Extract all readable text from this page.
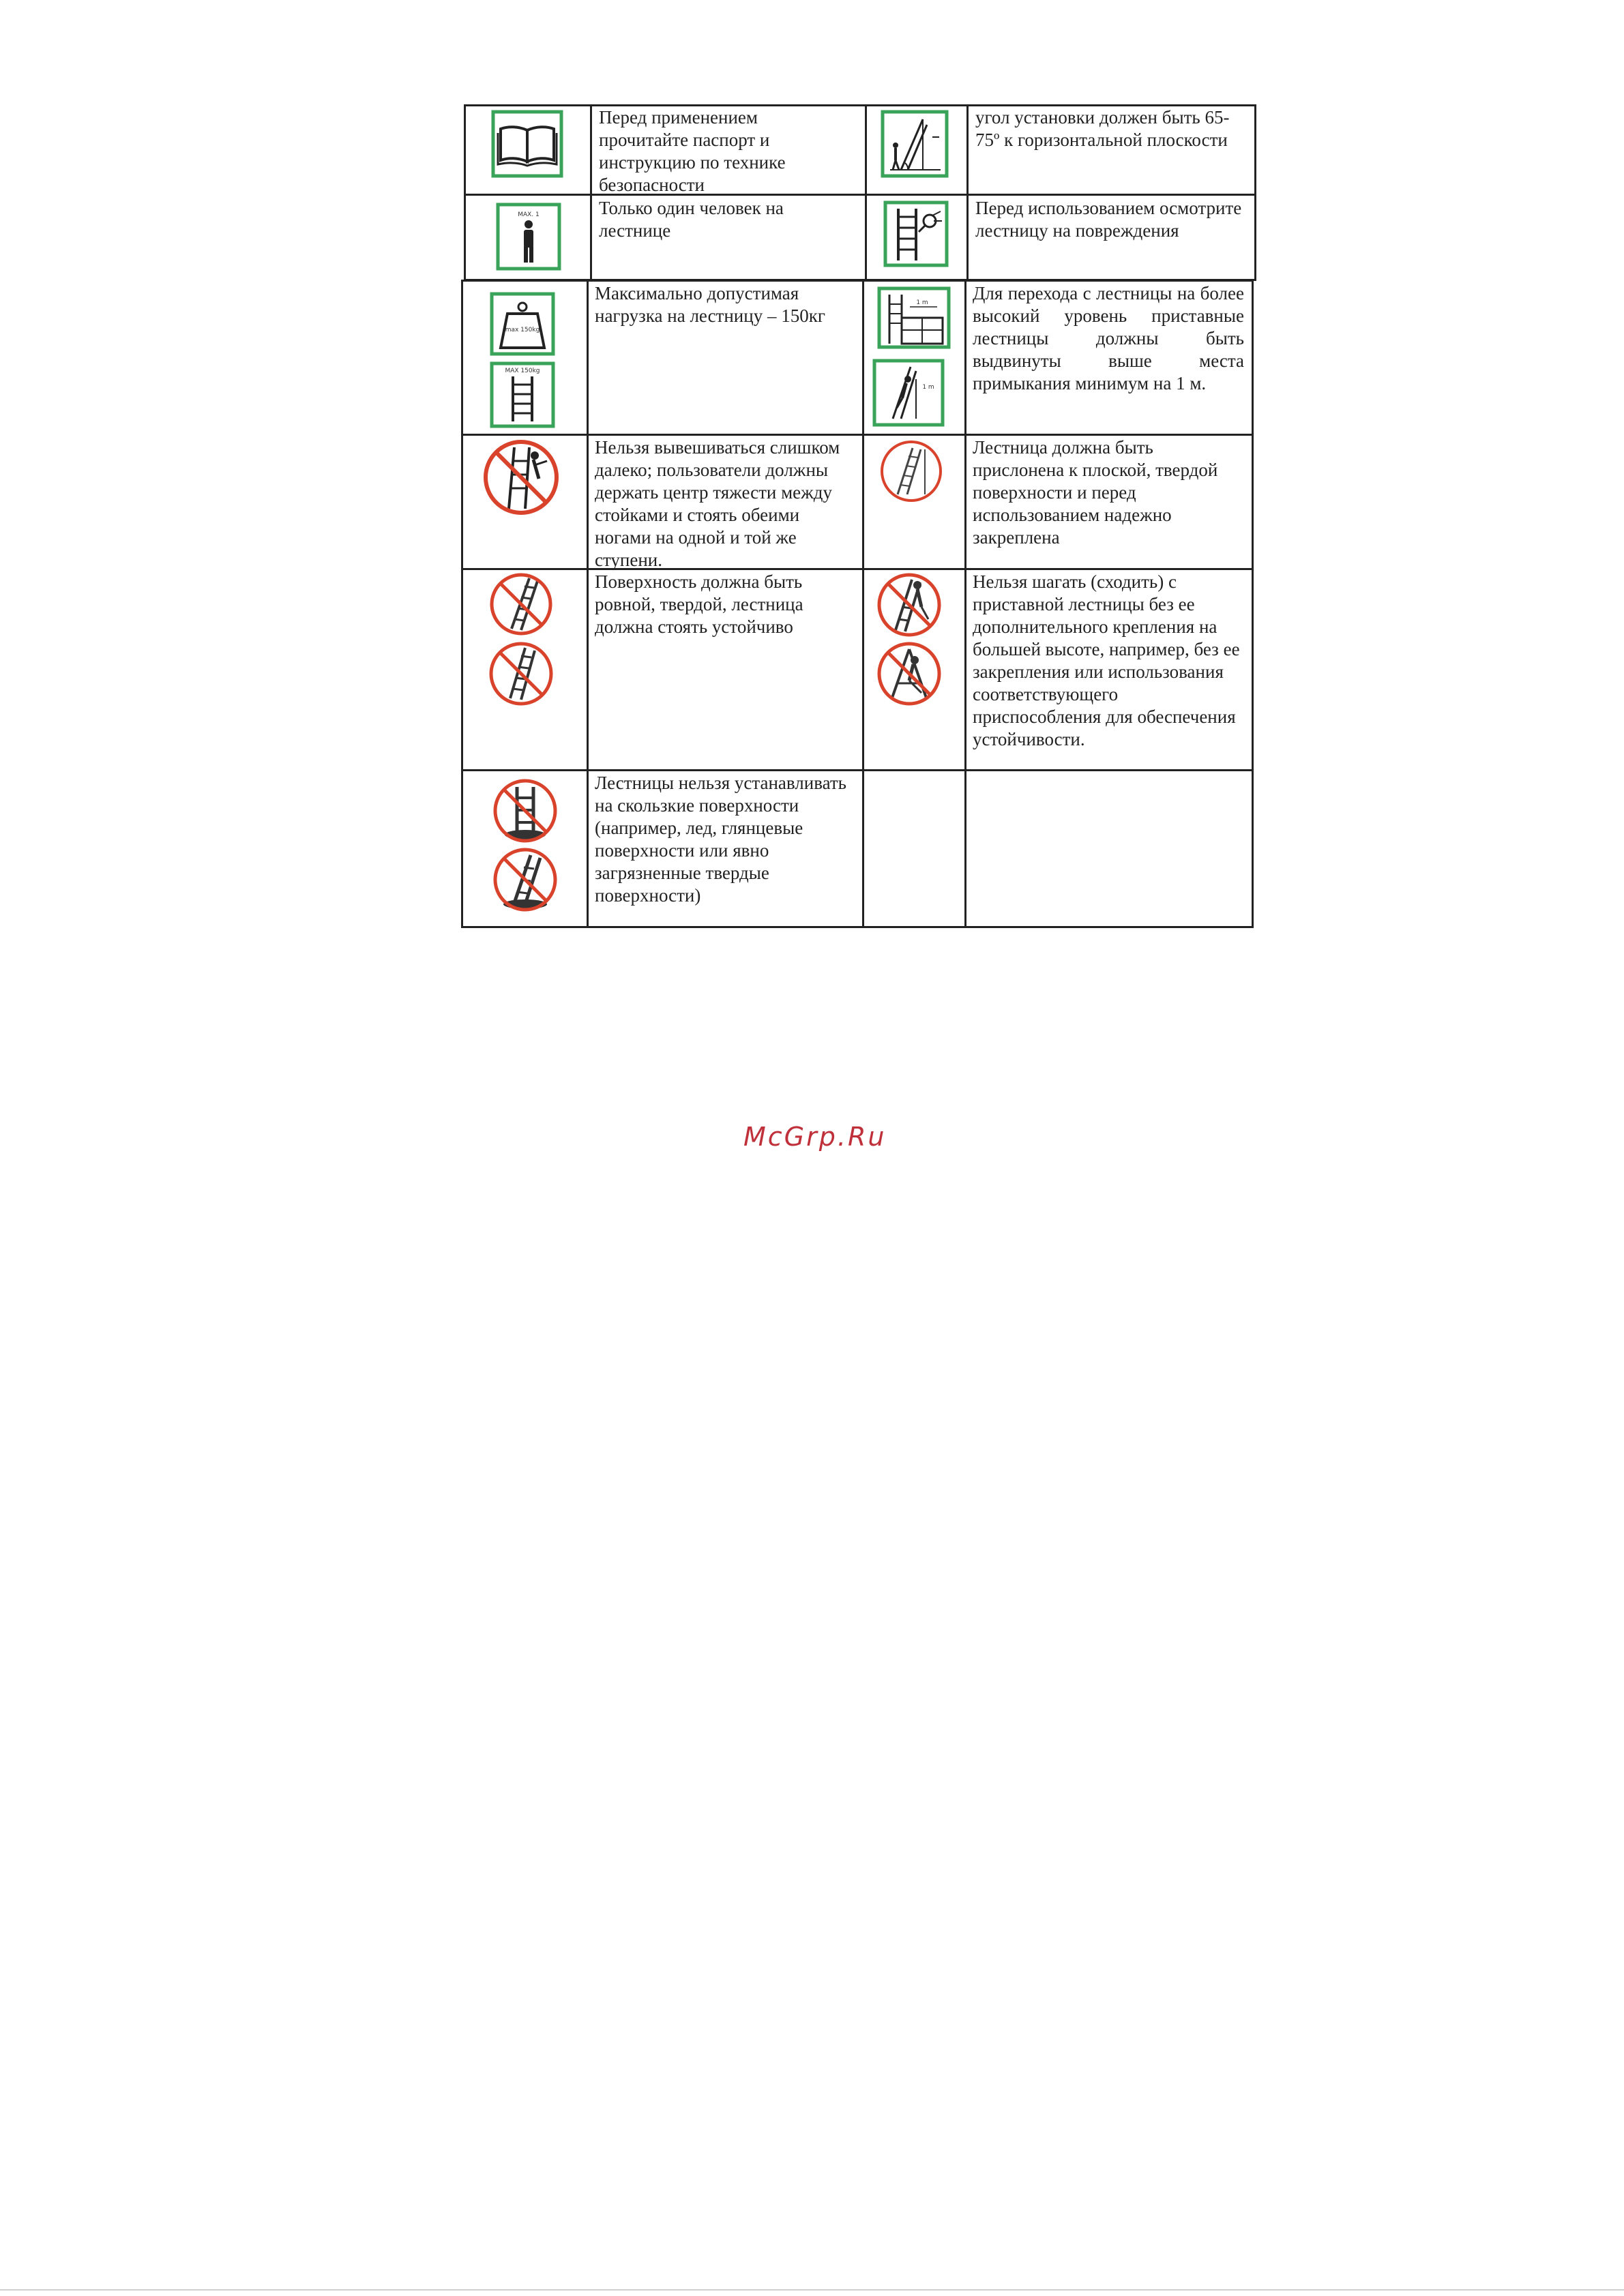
Перед применением прочитайте паспорт и инструкцию по технике безопасности
угол установки должен быть 65-75º к горизонтальной плоскости
MAX. 1	Только один человек на лестнице
Перед использованием осмотрите лестницу на повреждения
max 150kg
MAX 150kg
Максимально допустимая нагрузка на лестницу – 150кг
1 m
1 m
Для перехода с лестницы на более высокий уровень приставные лестницы должны быть выдвинуты выше места примыкания минимум на 1 м.
Нельзя вывешиваться слишком далеко; пользователи должны держать центр тяжести между стойками и стоять обеими ногами на одной и той же ступени.
Лестница должна быть прислонена к плоской, твердой поверхности и перед использованием надежно закреплена
Поверхность должна быть ровной, твердой, лестница должна стоять устойчиво
Нельзя шагать (сходить) с приставной лестницы без ее дополнительного крепления на большей высоте, например, без ее закрепления или использования соответствующего приспособления для обеспечения устойчивости.
Лестницы нельзя устанавливать на скользкие поверхности (например, лед, глянцевые поверхности или явно загрязненные твердые поверхности)
McGrp.Ru
